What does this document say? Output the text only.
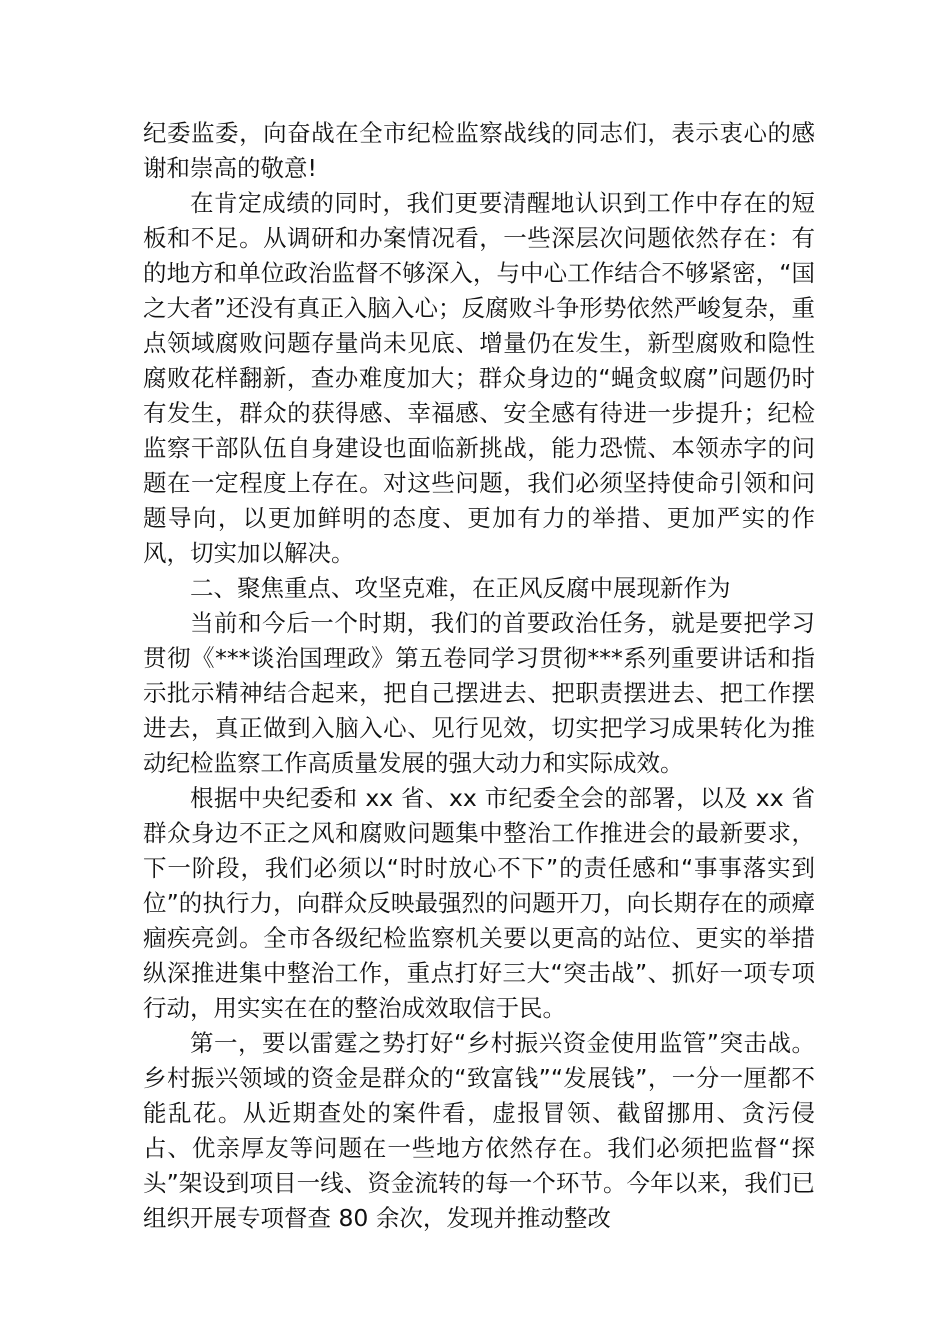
纪委监委，向奋战在全市纪检监察战线的同志们，表示衷心的感谢和崇高的敬意!

在肯定成绩的同时，我们更要清醒地认识到工作中存在的短板和不足。从调研和办案情况看，一些深层次问题依然存在：有的地方和单位政治监督不够深入，与中心工作结合不够紧密，“国之大者”还没有真正入脑入心；反腐败斗争形势依然严峻复杂，重点领域腐败问题存量尚未见底、增量仍在发生，新型腐败和隐性腐败花样翻新，查办难度加大；群众身边的“蝇贪蚁腐”问题仍时有发生，群众的获得感、幸福感、安全感有待进一步提升；纪检监察干部队伍自身建设也面临新挑战，能力恐慌、本领赤字的问题在一定程度上存在。对这些问题，我们必须坚持使命引领和问题导向，以更加鲜明的态度、更加有力的举措、更加严实的作风，切实加以解决。

二、聚焦重点、攻坚克难，在正风反腐中展现新作为

当前和今后一个时期，我们的首要政治任务，就是要把学习贯彻《***谈治国理政》第五卷同学习贯彻***系列重要讲话和指示批示精神结合起来，把自己摆进去、把职责摆进去、把工作摆进去，真正做到入脑入心、见行见效，切实把学习成果转化为推动纪检监察工作高质量发展的强大动力和实际成效。

根据中央纪委和 xx 省、xx 市纪委全会的部署，以及 xx 省群众身边不正之风和腐败问题集中整治工作推进会的最新要求，下一阶段，我们必须以“时时放心不下”的责任感和“事事落实到位”的执行力，向群众反映最强烈的问题开刀，向长期存在的顽瘴痼疾亮剑。全市各级纪检监察机关要以更高的站位、更实的举措纵深推进集中整治工作，重点打好三大“突击战”、抓好一项专项行动，用实实在在的整治成效取信于民。

第一，要以雷霆之势打好“乡村振兴资金使用监管”突击战。乡村振兴领域的资金是群众的“致富钱”“发展钱”，一分一厘都不能乱花。从近期查处的案件看，虚报冒领、截留挪用、贪污侵占、优亲厚友等问题在一些地方依然存在。我们必须把监督“探头”架设到项目一线、资金流转的每一个环节。今年以来，我们已组织开展专项督查 80 余次，发现并推动整改
